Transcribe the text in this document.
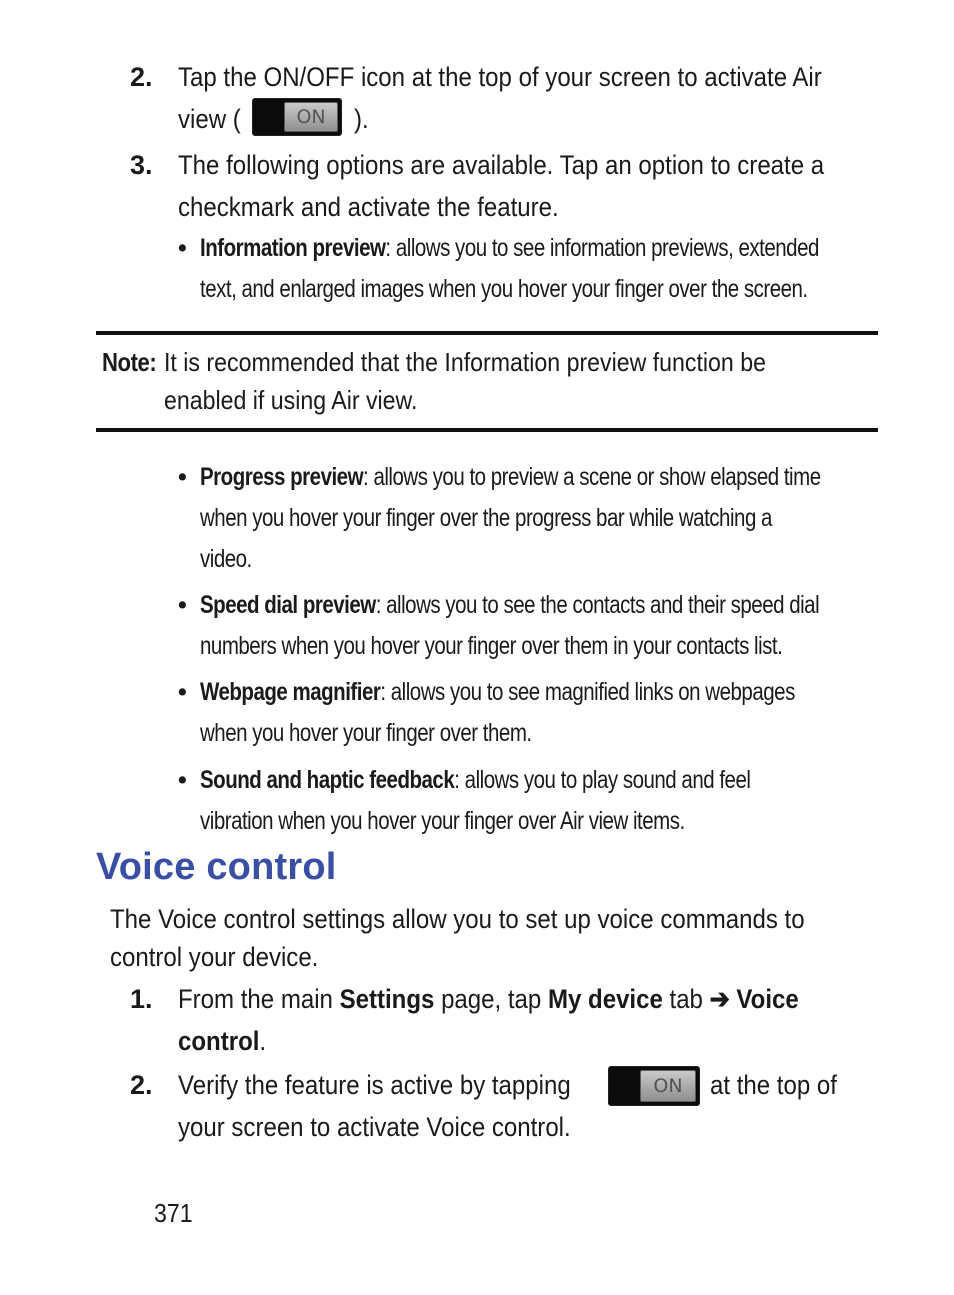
2. Tap the ON/OFF icon at the top of your screen to activate Air
view (	ON	).
3. The following options are available. Tap an option to create a
checkmark and activate the feature.
• Information preview: allows you to see information previews, extended
text, and enlarged images when you hover your finger over the screen.
Note: It is recommended that the Information preview function be
enabled if using Air view.
• Progress preview: allows you to preview a scene or show elapsed time
when you hover your finger over the progress bar while watching a
video.
• Speed dial preview: allows you to see the contacts and their speed dial
numbers when you hover your finger over them in your contacts list.
• Webpage magnifier: allows you to see magnified links on webpages
when you hover your finger over them.
• Sound and haptic feedback: allows you to play sound and feel
vibration when you hover your finger over Air view items.
Voice control
The Voice control settings allow you to set up voice commands to
control your device.
1. From the main Settings page, tap My device tab ➔ Voice
control.
2. Verify the feature is active by tapping	ON	at the top of
your screen to activate Voice control.
371
